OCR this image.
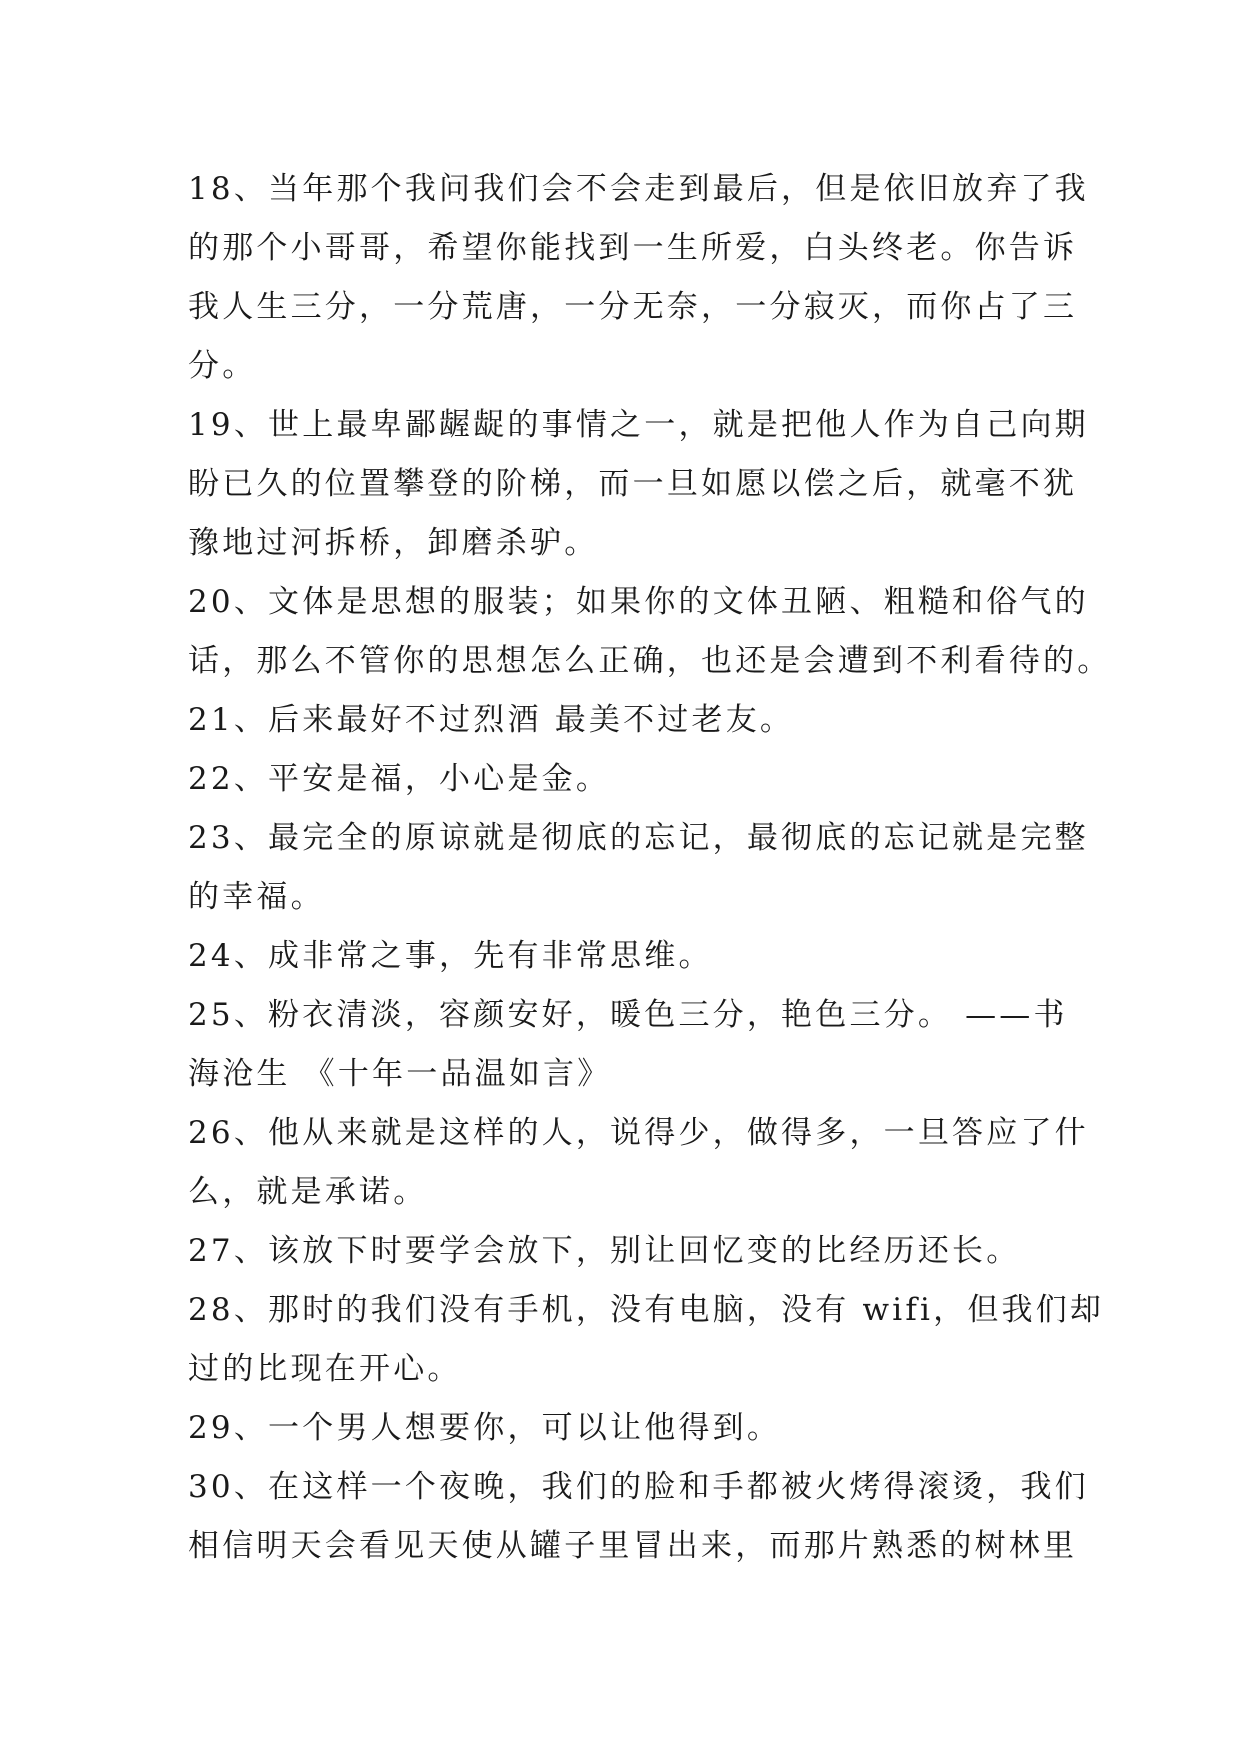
18、当年那个我问我们会不会走到最后，但是依旧放弃了我
的那个小哥哥，希望你能找到一生所爱，白头终老。你告诉
我人生三分，一分荒唐，一分无奈，一分寂灭，而你占了三
分。
19、世上最卑鄙龌龊的事情之一，就是把他人作为自己向期
盼已久的位置攀登的阶梯，而一旦如愿以偿之后，就毫不犹
豫地过河拆桥，卸磨杀驴。
20、文体是思想的服装；如果你的文体丑陋、粗糙和俗气的
话，那么不管你的思想怎么正确，也还是会遭到不利看待的。
21、后来最好不过烈酒 最美不过老友。
22、平安是福，小心是金。
23、最完全的原谅就是彻底的忘记，最彻底的忘记就是完整
的幸福。
24、成非常之事，先有非常思维。
25、粉衣清淡，容颜安好，暖色三分，艳色三分。 ——书
海沧生 《十年一品温如言》
26、他从来就是这样的人，说得少，做得多，一旦答应了什
么，就是承诺。
27、该放下时要学会放下，别让回忆变的比经历还长。
28、那时的我们没有手机，没有电脑，没有 wifi，但我们却
过的比现在开心。
29、一个男人想要你，可以让他得到。
30、在这样一个夜晚，我们的脸和手都被火烤得滚烫，我们
相信明天会看见天使从罐子里冒出来，而那片熟悉的树林里
